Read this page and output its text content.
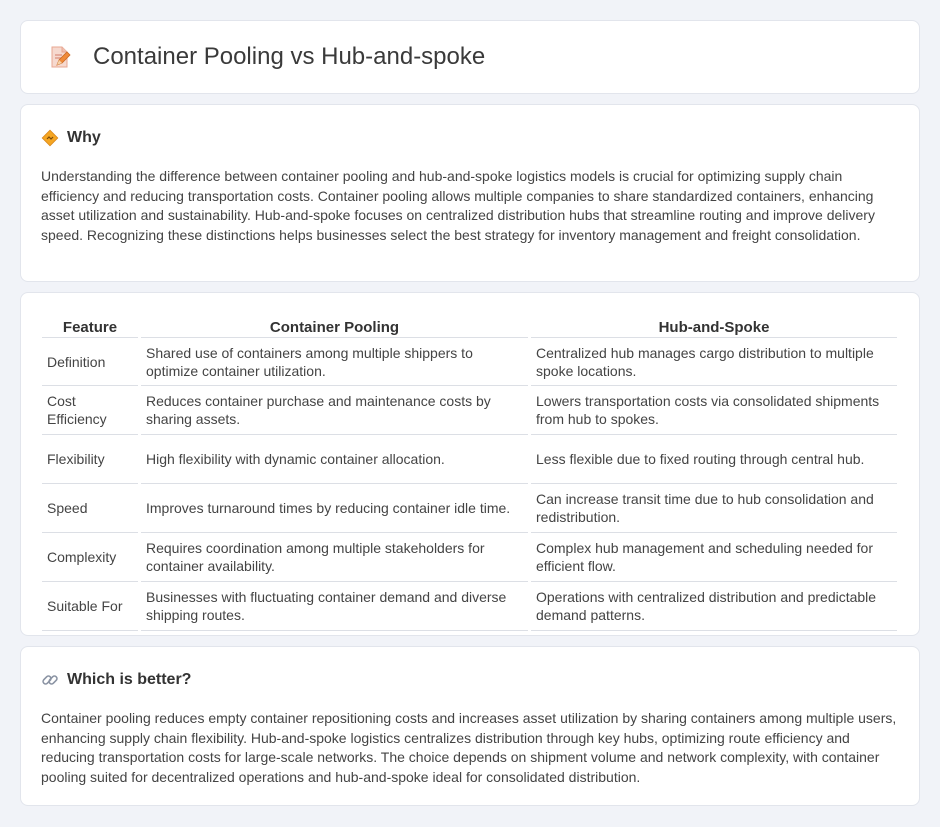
Container Pooling vs Hub-and-spoke
Why

Understanding the difference between container pooling and hub-and-spoke logistics models is crucial for optimizing supply chain efficiency and reducing transportation costs. Container pooling allows multiple companies to share standardized containers, enhancing asset utilization and sustainability. Hub-and-spoke focuses on centralized distribution hubs that streamline routing and improve delivery speed. Recognizing these distinctions helps businesses select the best strategy for inventory management and freight consolidation.

Feature	Container Pooling	Hub-and-Spoke
Definition	Shared use of containers among multiple shippers to optimize container utilization.	Centralized hub manages cargo distribution to multiple spoke locations.
Cost Efficiency	Reduces container purchase and maintenance costs by sharing assets.	Lowers transportation costs via consolidated shipments from hub to spokes.
Flexibility	High flexibility with dynamic container allocation.	Less flexible due to fixed routing through central hub.
Speed	Improves turnaround times by reducing container idle time.	Can increase transit time due to hub consolidation and redistribution.
Complexity	Requires coordination among multiple stakeholders for container availability.	Complex hub management and scheduling needed for efficient flow.
Suitable For	Businesses with fluctuating container demand and diverse shipping routes.	Operations with centralized distribution and predictable demand patterns.
Which is better?

Container pooling reduces empty container repositioning costs and increases asset utilization by sharing containers among multiple users, enhancing supply chain flexibility. Hub-and-spoke logistics centralizes distribution through key hubs, optimizing route efficiency and reducing transportation costs for large-scale networks. The choice depends on shipment volume and network complexity, with container pooling suited for decentralized operations and hub-and-spoke ideal for consolidated distribution.
